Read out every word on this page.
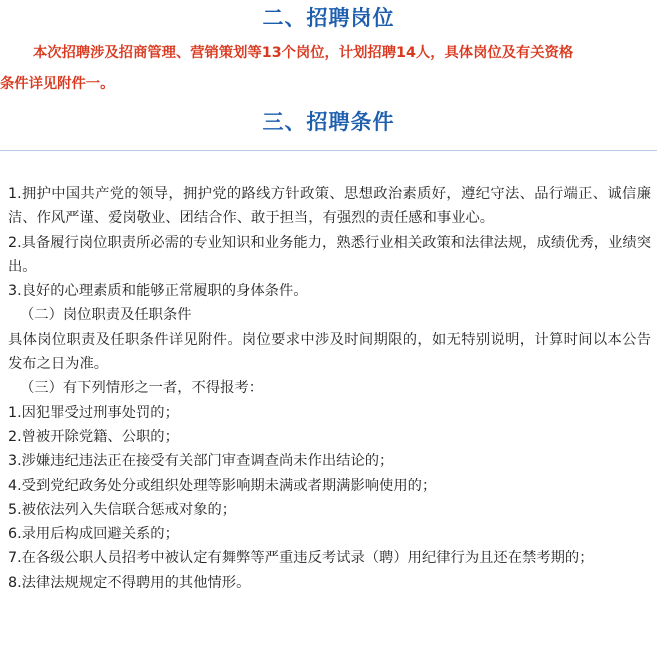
二、招聘岗位

本次招聘涉及招商管理、营销策划等13个岗位，计划招聘14人，具体岗位及有关资格
条件详见附件一。

三、招聘条件

1.拥护中国共产党的领导，拥护党的路线方针政策、思想政治素质好，遵纪守法、品行端正、诚信廉洁、作风严谨、爱岗敬业、团结合作、敢于担当，有强烈的责任感和事业心。

2.具备履行岗位职责所必需的专业知识和业务能力，熟悉行业相关政策和法律法规，成绩优秀，业绩突出。

3.良好的心理素质和能够正常履职的身体条件。

（二）岗位职责及任职条件

具体岗位职责及任职条件详见附件。岗位要求中涉及时间期限的，如无特别说明，计算时间以本公告发布之日为准。

（三）有下列情形之一者，不得报考：

1.因犯罪受过刑事处罚的；

2.曾被开除党籍、公职的；

3.涉嫌违纪违法正在接受有关部门审查调查尚未作出结论的；

4.受到党纪政务处分或组织处理等影响期未满或者期满影响使用的；

5.被依法列入失信联合惩戒对象的；

6.录用后构成回避关系的；

7.在各级公职人员招考中被认定有舞弊等严重违反考试录（聘）用纪律行为且还在禁考期的；

8.法律法规规定不得聘用的其他情形。
